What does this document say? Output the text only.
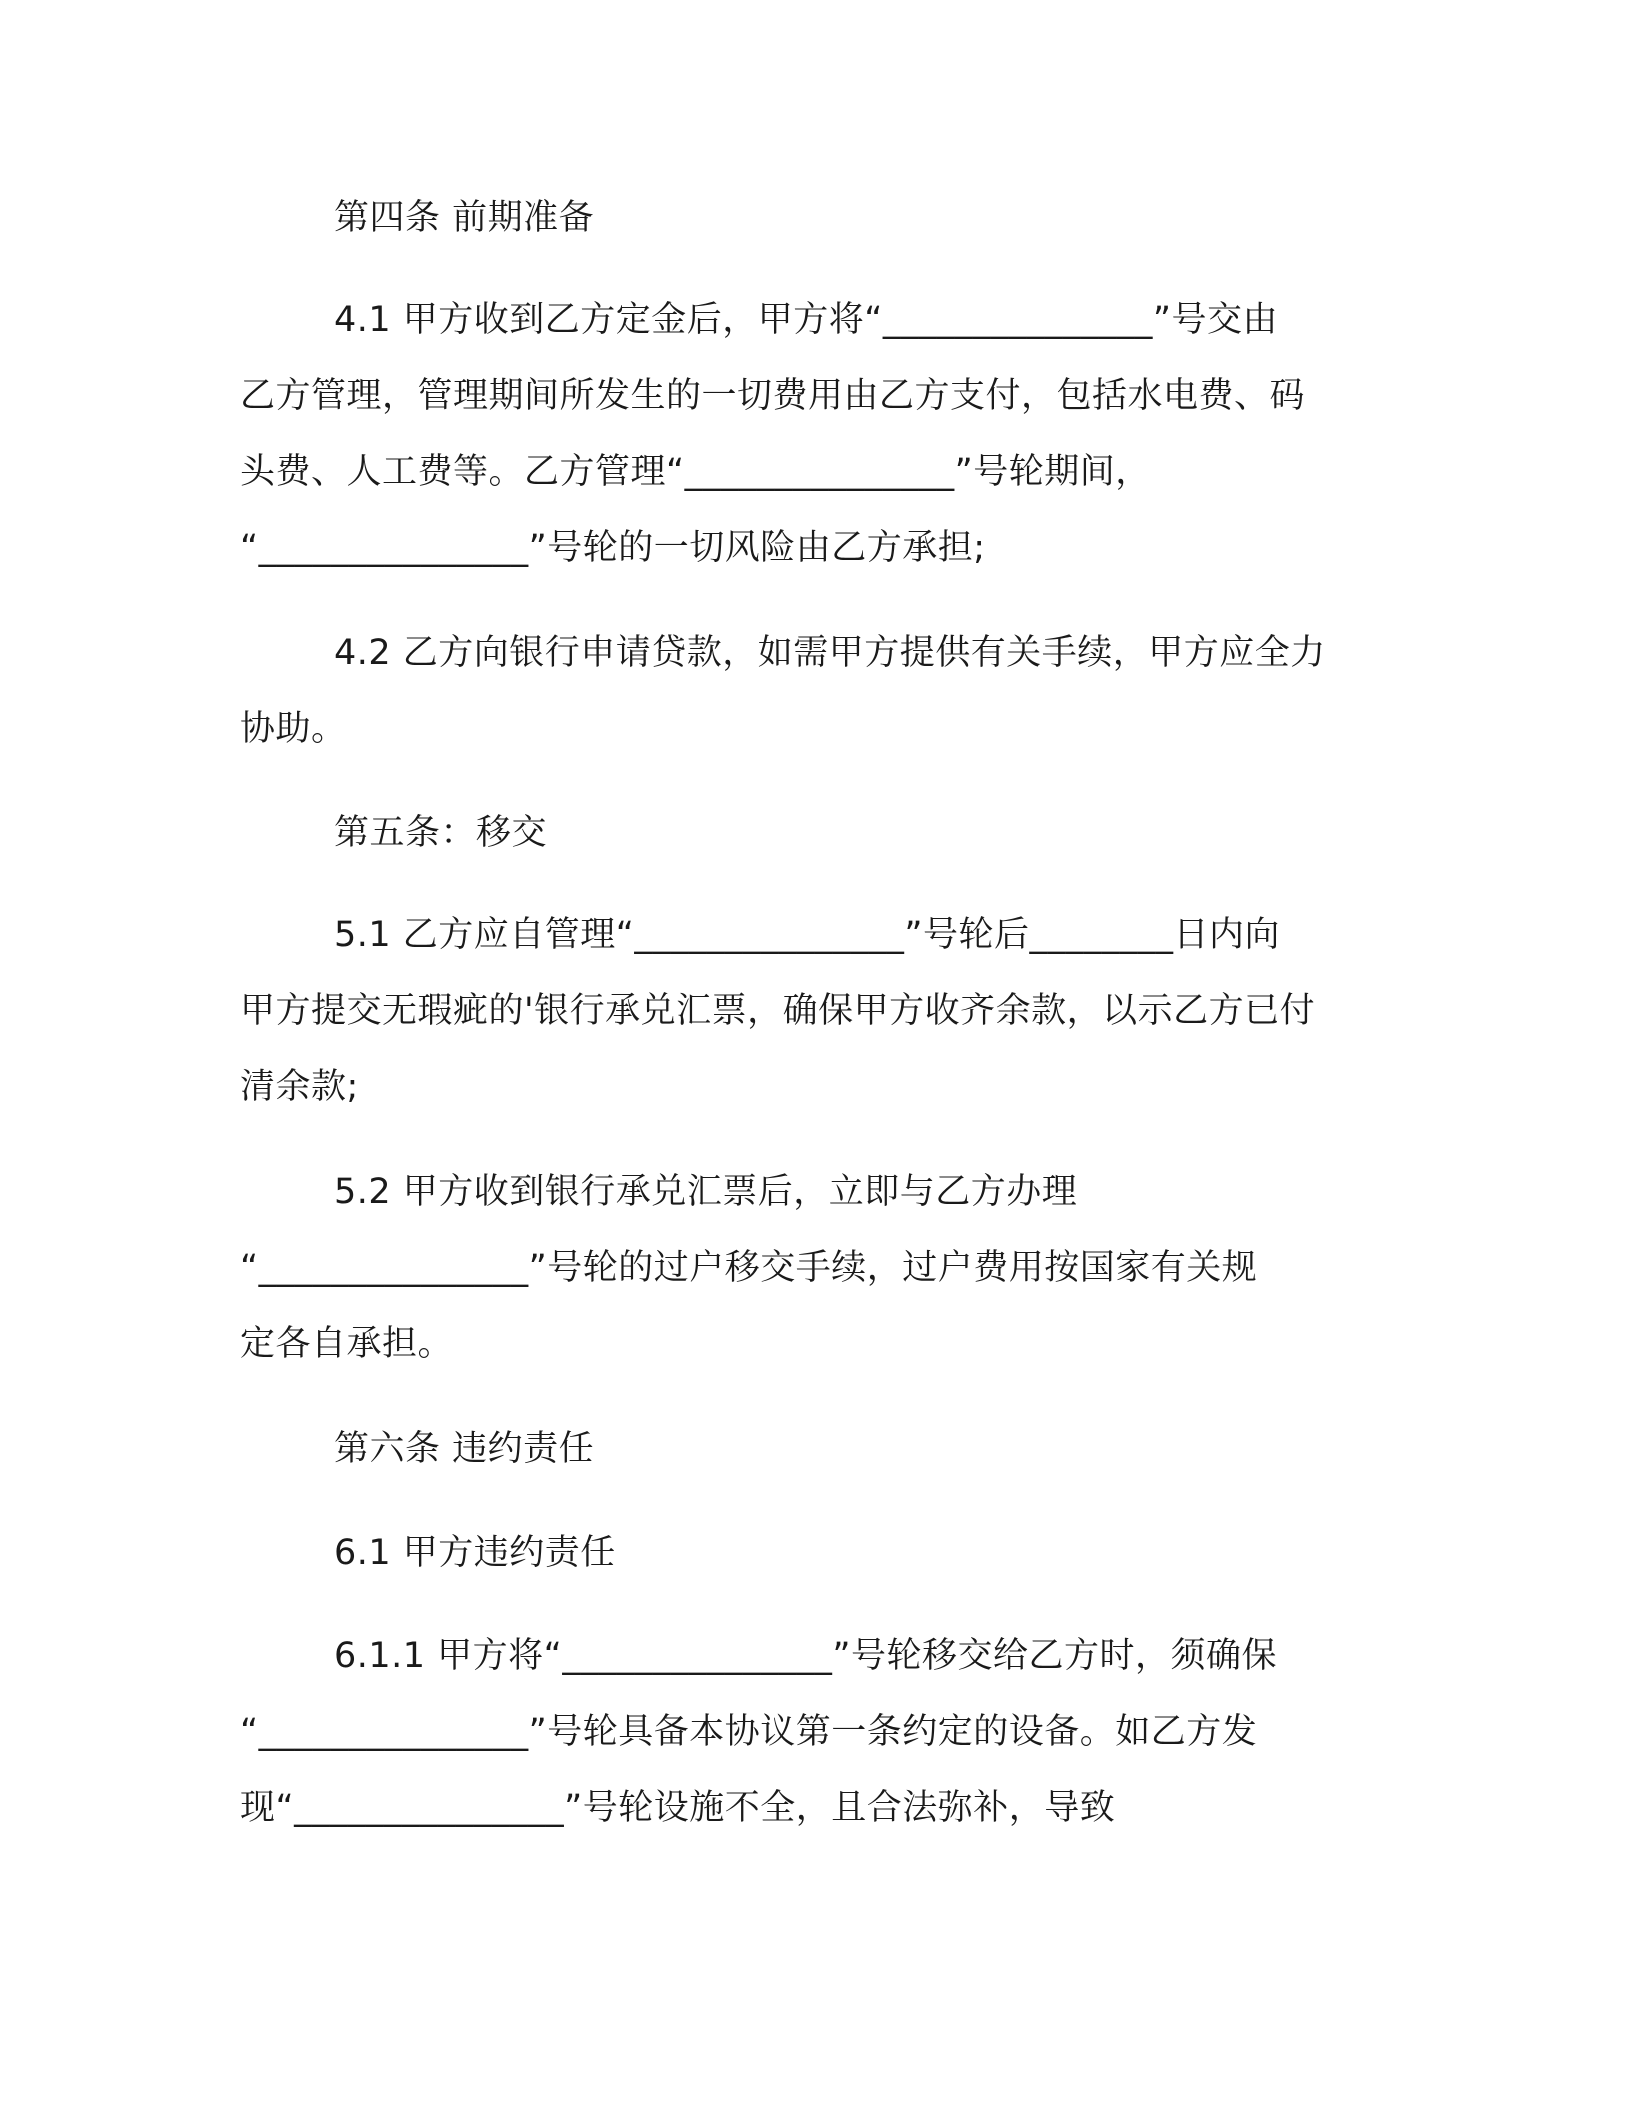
第四条 前期准备
4.1 甲方收到乙方定金后，甲方将“_______________”号交由
乙方管理，管理期间所发生的一切费用由乙方支付，包括水电费、码
头费、人工费等。乙方管理“_______________”号轮期间，
“_______________”号轮的一切风险由乙方承担;
4.2 乙方向银行申请贷款，如需甲方提供有关手续，甲方应全力
协助。
第五条：移交
5.1 乙方应自管理“_______________”号轮后________日内向
甲方提交无瑕疵的'银行承兑汇票，确保甲方收齐余款，以示乙方已付
清余款;
5.2 甲方收到银行承兑汇票后，立即与乙方办理
“_______________”号轮的过户移交手续，过户费用按国家有关规
定各自承担。
第六条 违约责任
6.1 甲方违约责任
6.1.1 甲方将“_______________”号轮移交给乙方时，须确保
“_______________”号轮具备本协议第一条约定的设备。如乙方发
现“_______________”号轮设施不全，且合法弥补，导致
